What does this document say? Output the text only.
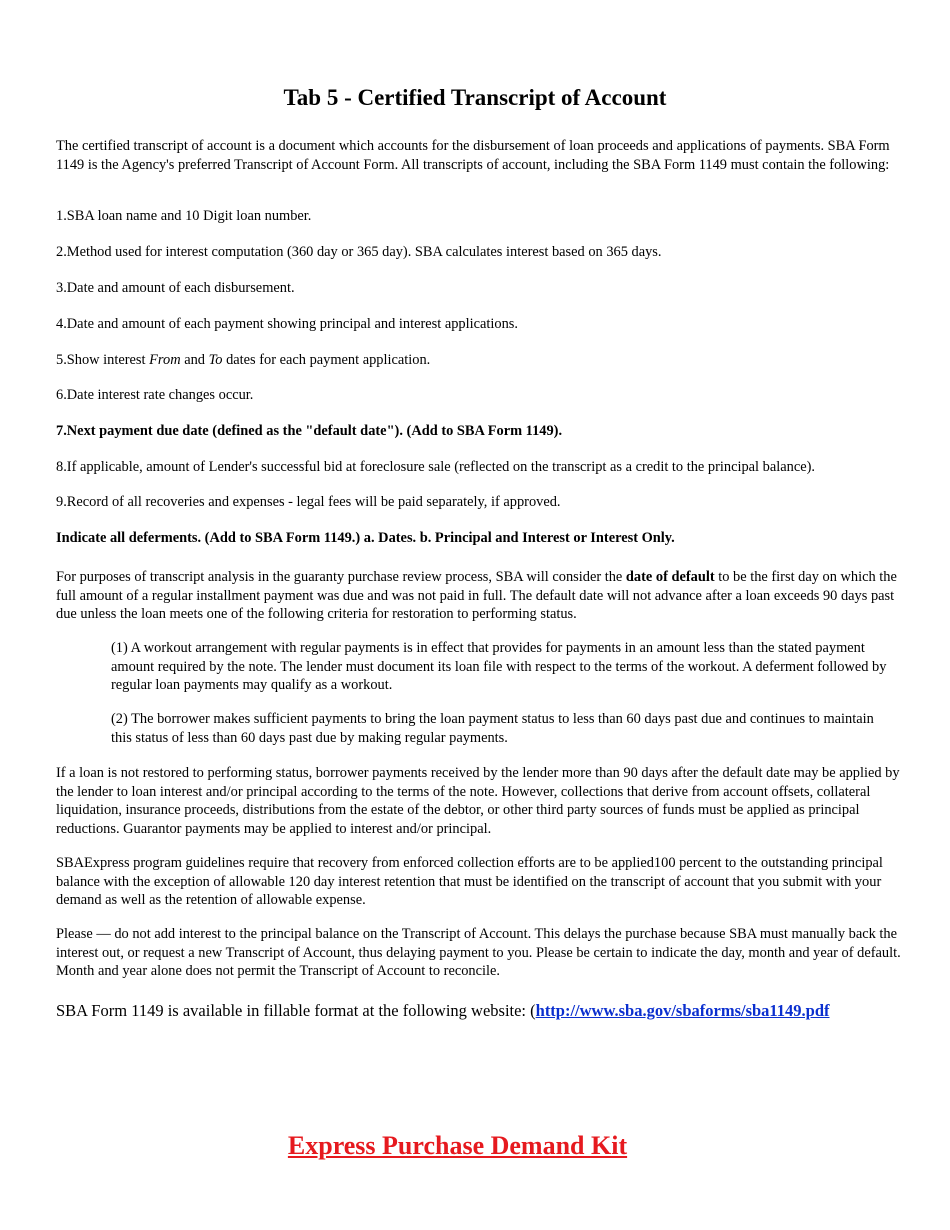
Tab 5 - Certified Transcript of Account

The certified transcript of account is a document which accounts for the disbursement of loan proceeds and applications of payments. SBA Form 1149 is the Agency's preferred Transcript of Account Form. All transcripts of account, including the SBA Form 1149 must contain the following:

1.SBA loan name and 10 Digit loan number.

2.Method used for interest computation (360 day or 365 day). SBA calculates interest based on 365 days.

3.Date and amount of each disbursement.

4.Date and amount of each payment showing principal and interest applications.

5.Show interest From and To dates for each payment application.

6.Date interest rate changes occur.

7.Next payment due date (defined as the "default date"). (Add to SBA Form 1149).

8.If applicable, amount of Lender's successful bid at foreclosure sale (reflected on the transcript as a credit to the principal balance).

9.Record of all recoveries and expenses - legal fees will be paid separately, if approved.

Indicate all deferments. (Add to SBA Form 1149.) a. Dates. b. Principal and Interest or Interest Only.

For purposes of transcript analysis in the guaranty purchase review process, SBA will consider the date of default to be the first day on which the full amount of a regular installment payment was due and was not paid in full. The default date will not advance after a loan exceeds 90 days past due unless the loan meets one of the following criteria for restoration to performing status.

(1) A workout arrangement with regular payments is in effect that provides for payments in an amount less than the stated payment amount required by the note. The lender must document its loan file with respect to the terms of the workout. A deferment followed by regular loan payments may qualify as a workout.

(2) The borrower makes sufficient payments to bring the loan payment status to less than 60 days past due and continues to maintain this status of less than 60 days past due by making regular payments.

If a loan is not restored to performing status, borrower payments received by the lender more than 90 days after the default date may be applied by the lender to loan interest and/or principal according to the terms of the note. However, collections that derive from account offsets, collateral liquidation, insurance proceeds, distributions from the estate of the debtor, or other third party sources of funds must be applied as principal reductions. Guarantor payments may be applied to interest and/or principal.

SBAExpress program guidelines require that recovery from enforced collection efforts are to be applied100 percent to the outstanding principal balance with the exception of allowable 120 day interest retention that must be identified on the transcript of account that you submit with your demand as well as the retention of allowable expense.

Please — do not add interest to the principal balance on the Transcript of Account. This delays the purchase because SBA must manually back the interest out, or request a new Transcript of Account, thus delaying payment to you. Please be certain to indicate the day, month and year of default. Month and year alone does not permit the Transcript of Account to reconcile.

SBA Form 1149 is available in fillable format at the following website: (http://www.sba.gov/sbaforms/sba1149.pdf

Express Purchase Demand Kit
